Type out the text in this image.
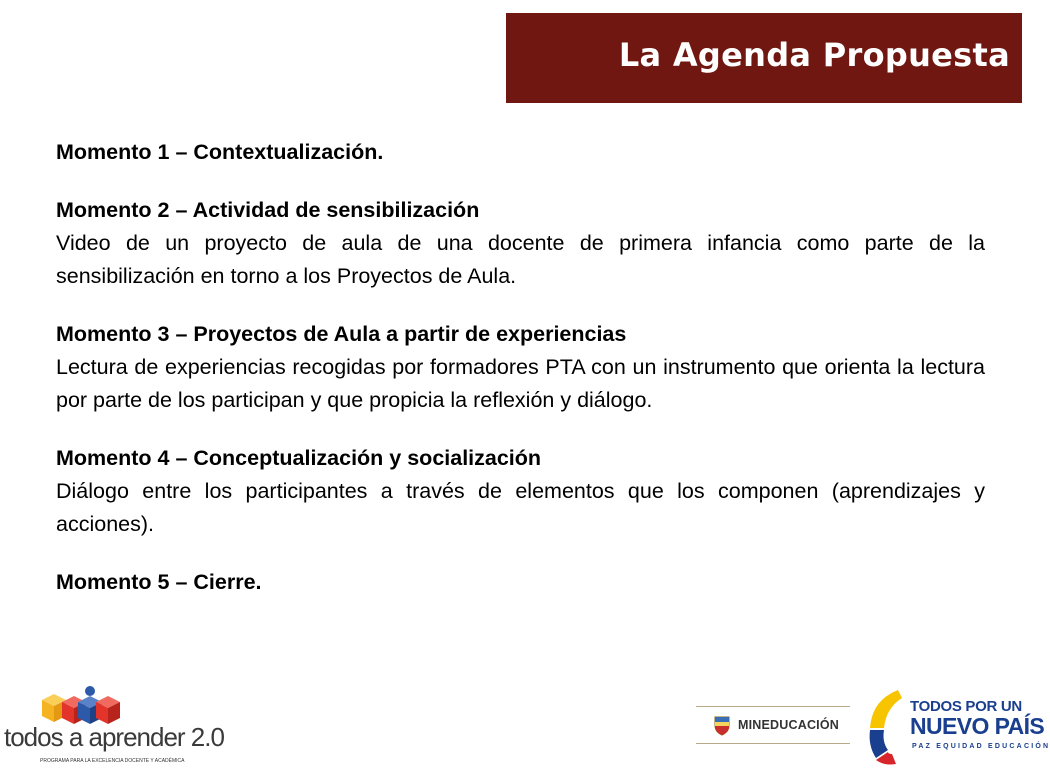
La Agenda Propuesta

Momento 1 – Contextualización.

Momento 2 – Actividad de sensibilización
Video de un proyecto de aula de una docente de primera infancia como parte de la sensibilización en torno a los Proyectos de Aula.

Momento 3 – Proyectos de Aula a partir de experiencias
Lectura de experiencias recogidas por formadores PTA con un instrumento que orienta la lectura por parte de los participan y que propicia la reflexión y diálogo.

Momento 4 – Conceptualización y socialización
Diálogo entre los participantes a través de elementos que los componen (aprendizajes y acciones).

Momento 5 – Cierre.

todos a aprender 2.0
PROGRAMA PARA LA EXCELENCIA DOCENTE Y ACADÉMICA
MINEDUCACIÓN
TODOS POR UN
NUEVO PAÍS
PAZ EQUIDAD EDUCACIÓN
